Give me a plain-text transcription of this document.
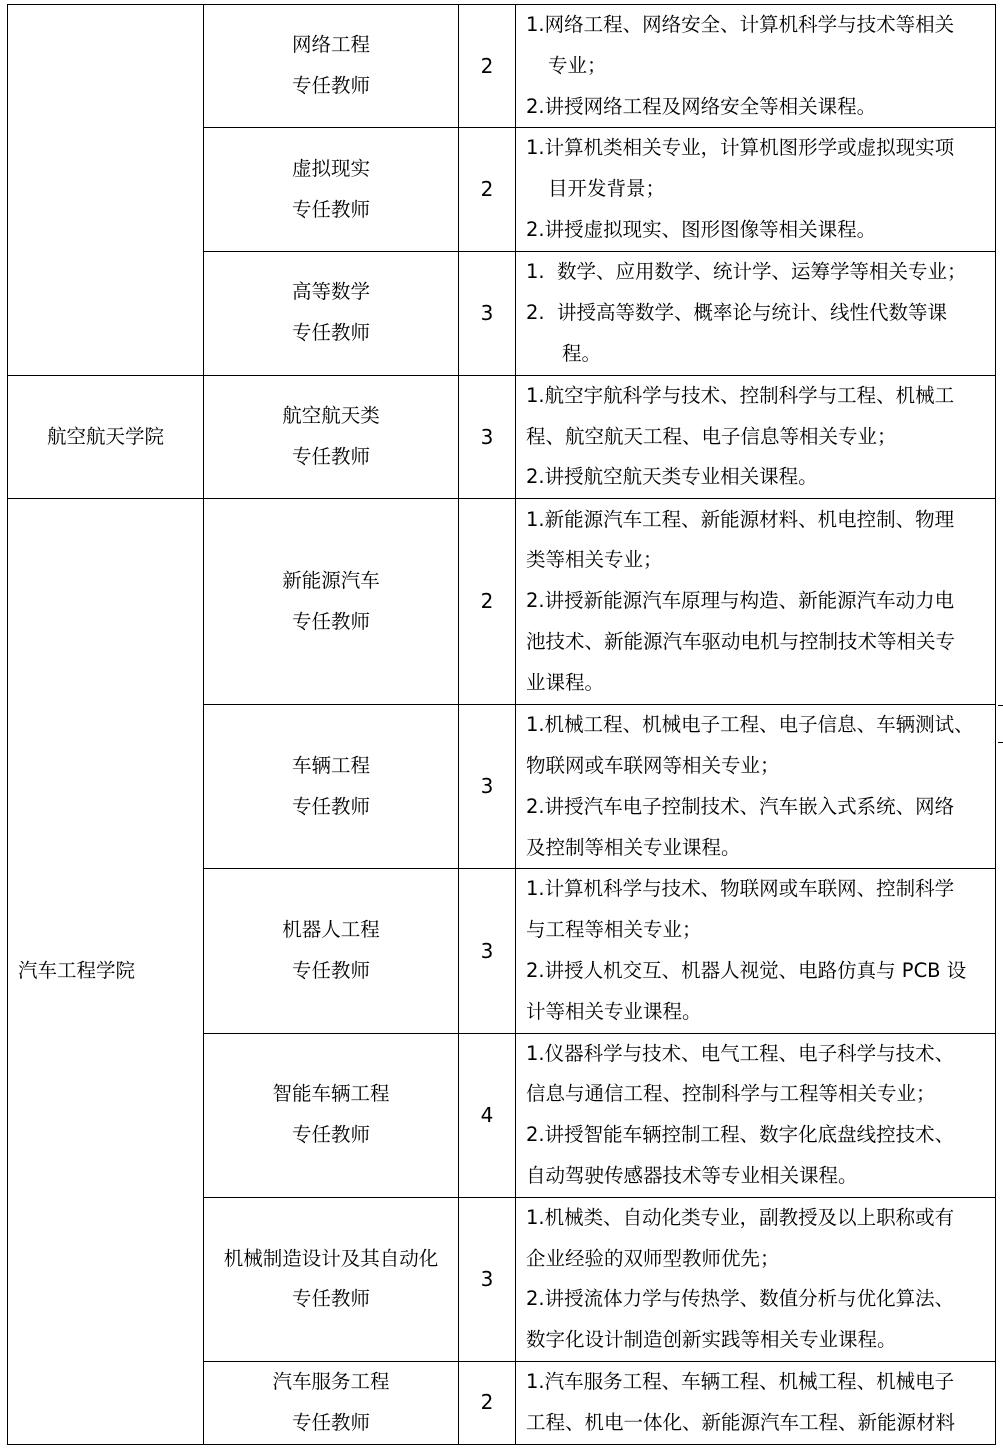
	网络工程
专任教师	2	1.网络工程、网络安全、计算机科学与技术等相关
专业；
2.讲授网络工程及网络安全等相关课程。

	虚拟现实
专任教师	2	1.计算机类相关专业，计算机图形学或虚拟现实项
目开发背景；
2.讲授虚拟现实、图形图像等相关课程。

	高等数学
专任教师	3	1.  数学、应用数学、统计学、运筹学等相关专业；
2.  讲授高等数学、概率论与统计、线性代数等课
程。

航空航天学院	航空航天类
专任教师	3	1.航空宇航科学与技术、控制科学与工程、机械工
程、航空航天工程、电子信息等相关专业；
2.讲授航空航天类专业相关课程。

汽车工程学院	新能源汽车
专任教师	2	1.新能源汽车工程、新能源材料、机电控制、物理
类等相关专业；
2.讲授新能源汽车原理与构造、新能源汽车动力电
池技术、新能源汽车驱动电机与控制技术等相关专
业课程。

	车辆工程
专任教师	3	1.机械工程、机械电子工程、电子信息、车辆测试、
物联网或车联网等相关专业；
2.讲授汽车电子控制技术、汽车嵌入式系统、网络
及控制等相关专业课程。

	机器人工程
专任教师	3	1.计算机科学与技术、物联网或车联网、控制科学
与工程等相关专业；
2.讲授人机交互、机器人视觉、电路仿真与 PCB 设
计等相关专业课程。

	智能车辆工程
专任教师	4	1.仪器科学与技术、电气工程、电子科学与技术、
信息与通信工程、控制科学与工程等相关专业；
2.讲授智能车辆控制工程、数字化底盘线控技术、
自动驾驶传感器技术等专业相关课程。

	机械制造设计及其自动化
专任教师	3	1.机械类、自动化类专业，副教授及以上职称或有
企业经验的双师型教师优先；
2.讲授流体力学与传热学、数值分析与优化算法、
数字化设计制造创新实践等相关专业课程。

	汽车服务工程
专任教师	2	1.汽车服务工程、车辆工程、机械工程、机械电子
工程、机电一体化、新能源汽车工程、新能源材料
